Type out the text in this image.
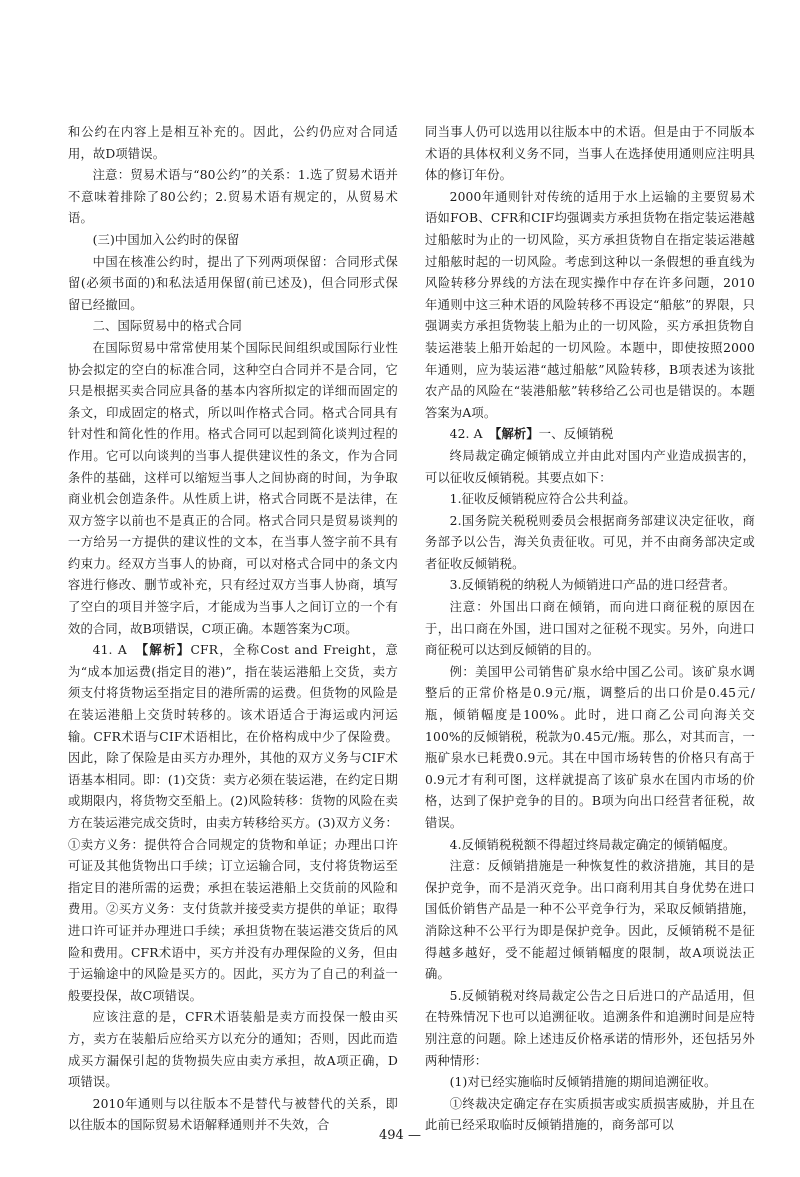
和公约在内容上是相互补充的。因此，公约仍应对合同适用，故D项错误。

注意：贸易术语与“80公约”的关系：1.选了贸易术语并不意味着排除了80公约；2.贸易术语有规定的，从贸易术语。

(三)中国加入公约时的保留

中国在核准公约时，提出了下列两项保留：合同形式保留(必须书面的)和私法适用保留(前已述及)，但合同形式保留已经撤回。

二、国际贸易中的格式合同

在国际贸易中常常使用某个国际民间组织或国际行业性协会拟定的空白的标准合同，这种空白合同并不是合同，它只是根据买卖合同应具备的基本内容所拟定的详细而固定的条文，印成固定的格式，所以叫作格式合同。格式合同具有针对性和简化性的作用。格式合同可以起到简化谈判过程的作用。它可以向谈判的当事人提供建议性的条文，作为合同条件的基础，这样可以缩短当事人之间协商的时间，为争取商业机会创造条件。从性质上讲，格式合同既不是法律，在双方签字以前也不是真正的合同。格式合同只是贸易谈判的一方给另一方提供的建议性的文本，在当事人签字前不具有约束力。经双方当事人的协商，可以对格式合同中的条文内容进行修改、删节或补充，只有经过双方当事人协商，填写了空白的项目并签字后，才能成为当事人之间订立的一个有效的合同，故B项错误，C项正确。本题答案为C项。

41. A　【解析】CFR，全称Cost and Freight，意为“成本加运费(指定目的港)”，指在装运港船上交货，卖方须支付将货物运至指定目的港所需的运费。但货物的风险是在装运港船上交货时转移的。该术语适合于海运或内河运输。CFR术语与CIF术语相比，在价格构成中少了保险费。因此，除了保险是由买方办理外，其他的双方义务与CIF术语基本相同。即：(1)交货：卖方必须在装运港，在约定日期或期限内，将货物交至船上。(2)风险转移：货物的风险在卖方在装运港完成交货时，由卖方转移给买方。(3)双方义务：①卖方义务：提供符合合同规定的货物和单证；办理出口许可证及其他货物出口手续；订立运输合同，支付将货物运至指定目的港所需的运费；承担在装运港船上交货前的风险和费用。②买方义务：支付货款并接受卖方提供的单证；取得进口许可证并办理进口手续；承担货物在装运港交货后的风险和费用。CFR术语中，买方并没有办理保险的义务，但由于运输途中的风险是买方的。因此，买方为了自己的利益一般要投保，故C项错误。

应该注意的是，CFR术语装船是卖方而投保一般由买方，卖方在装船后应给买方以充分的通知；否则，因此而造成买方漏保引起的货物损失应由卖方承担，故A项正确，D项错误。

2010年通则与以往版本不是替代与被替代的关系，即以往版本的国际贸易术语解释通则并不失效，合

同当事人仍可以选用以往版本中的术语。但是由于不同版本术语的具体权利义务不同，当事人在选择使用通则应注明具体的修订年份。

2000年通则针对传统的适用于水上运输的主要贸易术语如FOB、CFR和CIF均强调卖方承担货物在指定装运港越过船舷时为止的一切风险，买方承担货物自在指定装运港越过船舷时起的一切风险。考虑到这种以一条假想的垂直线为风险转移分界线的方法在现实操作中存在许多问题，2010年通则中这三种术语的风险转移不再设定“船舷”的界限，只强调卖方承担货物装上船为止的一切风险，买方承担货物自装运港装上船开始起的一切风险。本题中，即使按照2000年通则，应为装运港“越过船舷”风险转移，B项表述为该批农产品的风险在“装港船舷”转移给乙公司也是错误的。本题答案为A项。

42. A　【解析】一、反倾销税

终局裁定确定倾销成立并由此对国内产业造成损害的，可以征收反倾销税。其要点如下：

1.征收反倾销税应符合公共利益。

2.国务院关税税则委员会根据商务部建议决定征收，商务部予以公告，海关负责征收。可见，并不由商务部决定或者征收反倾销税。

3.反倾销税的纳税人为倾销进口产品的进口经营者。

注意：外国出口商在倾销，而向进口商征税的原因在于，出口商在外国，进口国对之征税不现实。另外，向进口商征税可以达到反倾销的目的。

例：美国甲公司销售矿泉水给中国乙公司。该矿泉水调整后的正常价格是0.9元/瓶，调整后的出口价是0.45元/瓶，倾销幅度是100%。此时，进口商乙公司向海关交100%的反倾销税，税款为0.45元/瓶。那么，对其而言，一瓶矿泉水已耗费0.9元。其在中国市场转售的价格只有高于0.9元才有利可图，这样就提高了该矿泉水在国内市场的价格，达到了保护竞争的目的。B项为向出口经营者征税，故错误。

4.反倾销税税额不得超过终局裁定确定的倾销幅度。

注意：反倾销措施是一种恢复性的救济措施，其目的是保护竞争，而不是消灭竞争。出口商利用其自身优势在进口国低价销售产品是一种不公平竞争行为，采取反倾销措施，消除这种不公平行为即是保护竞争。因此，反倾销税不是征得越多越好，受不能超过倾销幅度的限制，故A项说法正确。

5.反倾销税对终局裁定公告之日后进口的产品适用，但在特殊情况下也可以追溯征收。追溯条件和追溯时间是应特别注意的问题。除上述违反价格承诺的情形外，还包括另外两种情形：

(1)对已经实施临时反倾销措施的期间追溯征收。

①终裁决定确定存在实质损害或实质损害威胁，并且在此前已经采取临时反倾销措施的，商务部可以

494 —
